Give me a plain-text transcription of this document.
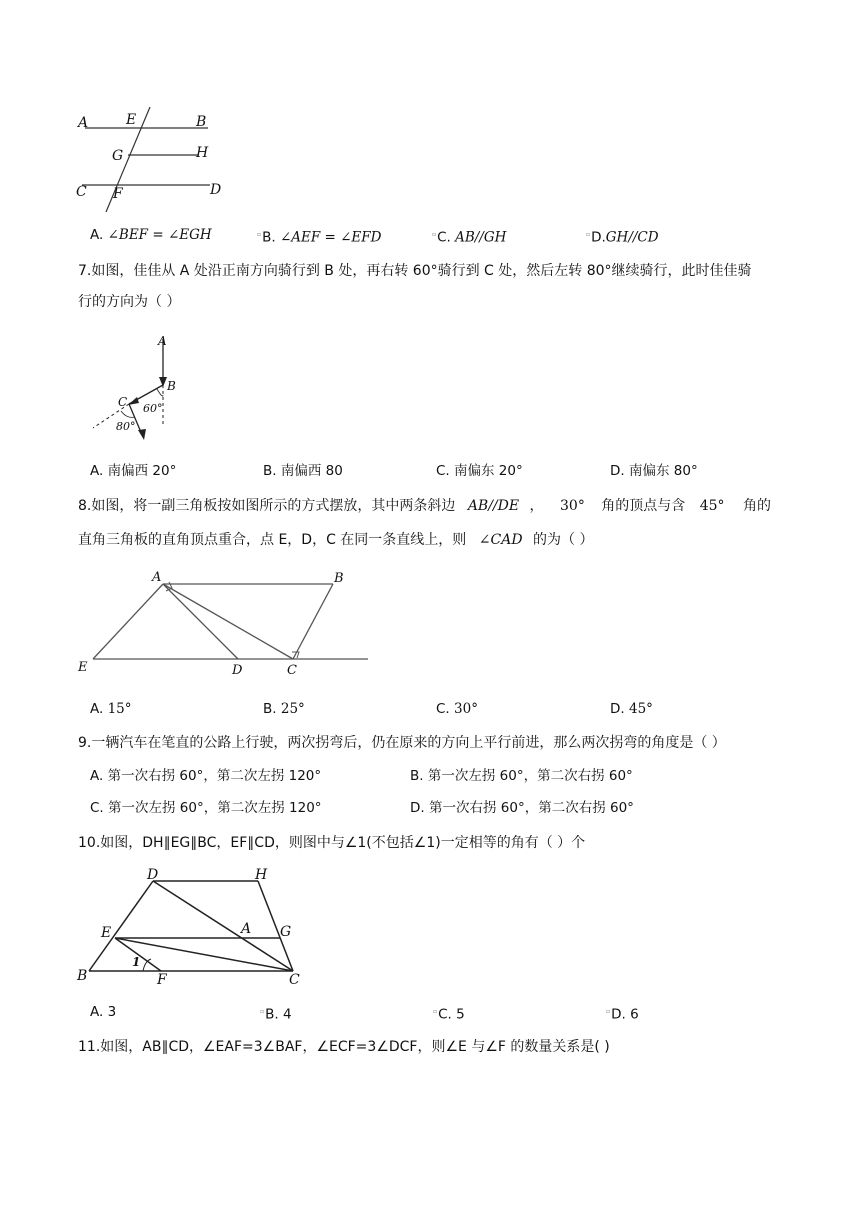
A	E	B
G	H
C F	D
A. ∠BEF = ∠EGH	▫B. ∠AEF = ∠EFD	▫C. AB//GH	▫D.GH//CD
7.如图，佳佳从 A 处沿正南方向骑行到 B 处，再右转 60°骑行到 C 处，然后左转 80°继续骑行，此时佳佳骑
行的方向为（ ）
A
B
C 60°
80°
A. 南偏西 20°	B. 南偏西 80	C. 南偏东 20°	D. 南偏东 80°
8.如图，将一副三角板按如图所示的方式摆放，其中两条斜边 AB//DE ， 30° 角的顶点与含 45° 角的
直角三角板的直角顶点重合，点 E，D，C 在同一条直线上，则 ∠CAD 的为（ ）
A	B
E	D	C
A. 15°	B. 25°	C. 30°	D. 45°
9.一辆汽车在笔直的公路上行驶，两次拐弯后，仍在原来的方向上平行前进，那么两次拐弯的角度是（ ）
A. 第一次右拐 60°，第二次左拐 120°	B. 第一次左拐 60°，第二次右拐 60°
C. 第一次左拐 60°，第二次左拐 120°	D. 第一次右拐 60°，第二次右拐 60°
10.如图，DH∥EG∥BC，EF∥CD，则图中与∠1(不包括∠1)一定相等的角有（ ）个
D	H
E	A G
B
1
F	C
A. 3	▫B. 4	▫C. 5	▫D. 6
11.如图，AB∥CD，∠EAF=3∠BAF，∠ECF=3∠DCF，则∠E 与∠F 的数量关系是( )
